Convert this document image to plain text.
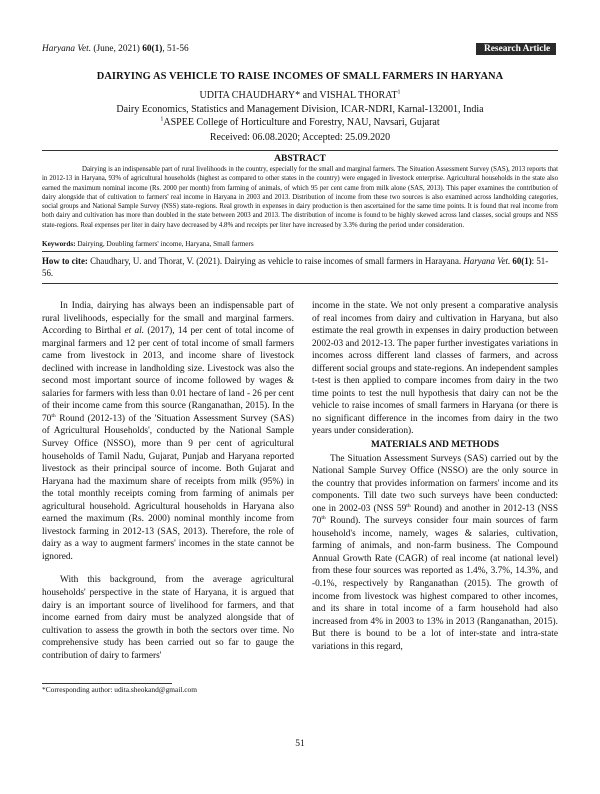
Haryana Vet. (June, 2021) 60(1), 51-56	Research Article
DAIRYING AS VEHICLE TO RAISE INCOMES OF SMALL FARMERS IN HARYANA
UDITA CHAUDHARY* and VISHAL THORAT$^1$
Dairy Economics, Statistics and Management Division, ICAR-NDRI, Karnal-132001, India
$^1$ASPEE College of Horticulture and Forestry, NAU, Navsari, Gujarat
Received: 06.08.2020; Accepted: 25.09.2020
ABSTRACT
Dairying is an indispensable part of rural livelihoods in the country, especially for the small and marginal farmers. The Situation Assessment Survey (SAS), 2013 reports that in 2012-13 in Haryana, 93% of agricultural households (highest as compared to other states in the country) were engaged in livestock enterprise. Agricultural households in the state also earned the maximum nominal income (Rs. 2000 per month) from farming of animals, of which 95 per cent came from milk alone (SAS, 2013). This paper examines the contribution of dairy alongside that of cultivation to farmers' real income in Haryana in 2003 and 2013. Distribution of income from these two sources is also examined across landholding categories, social groups and National Sample Survey (NSS) state-regions. Real growth in expenses in dairy production is then ascertained for the same time points. It is found that real income from both dairy and cultivation has more than doubled in the state between 2003 and 2013. The distribution of income is found to be highly skewed across land classes, social groups and NSS state-regions. Real expenses per liter in dairy have decreased by 4.8% and receipts per liter have increased by 3.3% during the period under consideration.
Keywords: Dairying, Doubling farmers' income, Haryana, Small farmers
How to cite: Chaudhary, U. and Thorat, V. (2021). Dairying as vehicle to raise incomes of small farmers in Harayana. Haryana Vet. 60(1): 51-56.

In India, dairying has always been an indispensable part of rural livelihoods, especially for the small and marginal farmers. According to Birthal et al. (2017), 14 per cent of total income of marginal farmers and 12 per cent of total income of small farmers came from livestock in 2013, and income share of livestock declined with increase in landholding size. Livestock was also the second most important source of income followed by wages & salaries for farmers with less than 0.01 hectare of land - 26 per cent of their income came from this source (Ranganathan, 2015). In the 70th Round (2012-13) of the 'Situation Assessment Survey (SAS) of Agricultural Households', conducted by the National Sample Survey Office (NSSO), more than 9 per cent of agricultural households of Tamil Nadu, Gujarat, Punjab and Haryana reported livestock as their principal source of income. Both Gujarat and Haryana had the maximum share of receipts from milk (95%) in the total monthly receipts coming from farming of animals per agricultural household. Agricultural households in Haryana also earned the maximum (Rs. 2000) nominal monthly income from livestock farming in 2012-13 (SAS, 2013). Therefore, the role of dairy as a way to augment farmers' incomes in the state cannot be ignored.

With this background, from the average agricultural households' perspective in the state of Haryana, it is argued that dairy is an important source of livelihood for farmers, and that income earned from dairy must be analyzed alongside that of cultivation to assess the growth in both the sectors over time. No comprehensive study has been carried out so far to gauge the contribution of dairy to farmers'

income in the state. We not only present a comparative analysis of real incomes from dairy and cultivation in Haryana, but also estimate the real growth in expenses in dairy production between 2002-03 and 2012-13. The paper further investigates variations in incomes across different land classes of farmers, and across different social groups and state-regions. An independent samples t-test is then applied to compare incomes from dairy in the two time points to test the null hypothesis that dairy can not be the vehicle to raise incomes of small farmers in Haryana (or there is no significant difference in the incomes from dairy in the two years under consideration).

MATERIALS AND METHODS

The Situation Assessment Surveys (SAS) carried out by the National Sample Survey Office (NSSO) are the only source in the country that provides information on farmers' income and its components. Till date two such surveys have been conducted: one in 2002-03 (NSS 59th Round) and another in 2012-13 (NSS 70th Round). The surveys consider four main sources of farm household's income, namely, wages & salaries, cultivation, farming of animals, and non-farm business. The Compound Annual Growth Rate (CAGR) of real income (at national level) from these four sources was reported as 1.4%, 3.7%, 14.3%, and -0.1%, respectively by Ranganathan (2015). The growth of income from livestock was highest compared to other incomes, and its share in total income of a farm household had also increased from 4% in 2003 to 13% in 2013 (Ranganathan, 2015). But there is bound to be a lot of inter-state and intra-state variations in this regard,

*Corresponding author: udita.sheokand@gmail.com
51
